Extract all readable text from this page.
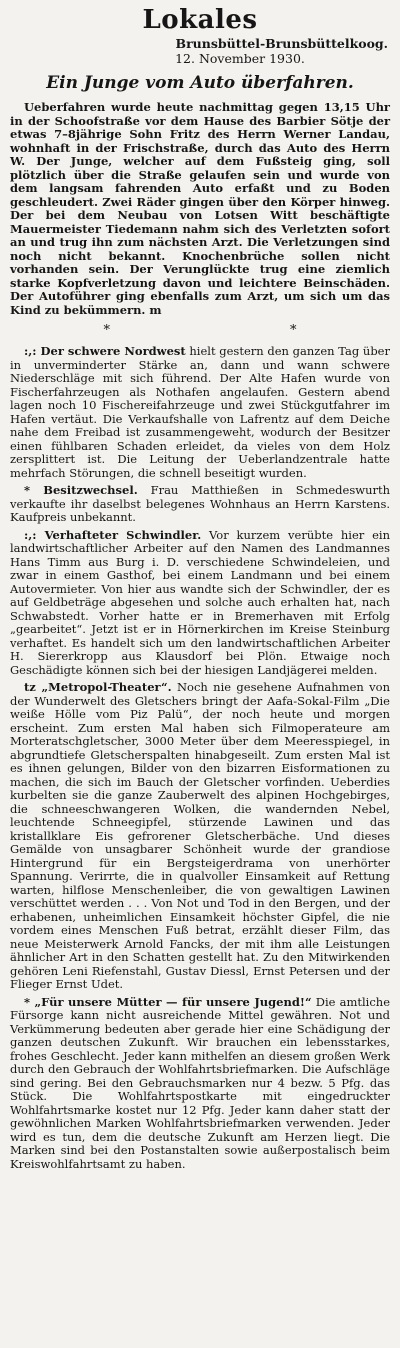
Lokales
Brunsbüttel-Brunsbüttelkoog.
12. November 1930.
Ein Junge vom Auto überfahren.

Ueberfahren wurde heute nachmittag gegen 13,15 Uhr in der Schoofstraße vor dem Hause des Barbier Sötje der etwas 7–8jährige Sohn Fritz des Herrn Werner Landau, wohnhaft in der Frischstraße, durch das Auto des Herrn W. Der Junge, welcher auf dem Fußsteig ging, soll plötzlich über die Straße gelaufen sein und wurde von dem langsam fahrenden Auto erfaßt und zu Boden geschleudert. Zwei Räder gingen über den Körper hinweg. Der bei dem Neubau von Lotsen Witt beschäftigte Mauermeister Tiedemann nahm sich des Verletzten sofort an und trug ihn zum nächsten Arzt. Die Verletzungen sind noch nicht bekannt. Knochenbrüche sollen nicht vorhanden sein. Der Verunglückte trug eine ziemlich starke Kopfverletzung davon und leichtere Beinschäden. Der Autoführer ging ebenfalls zum Arzt, um sich um das Kind zu bekümmern. m

*	*

:,: Der schwere Nordwest hielt gestern den ganzen Tag über in unverminderter Stärke an, dann und wann schwere Niederschläge mit sich führend. Der Alte Hafen wurde von Fischerfahrzeugen als Nothafen angelaufen. Gestern abend lagen noch 10 Fischereifahrzeuge und zwei Stückgutfahrer im Hafen vertäut. Die Verkaufshalle von Lafrentz auf dem Deiche nahe dem Freibad ist zusammengeweht, wodurch der Besitzer einen fühlbaren Schaden erleidet, da vieles von dem Holz zersplittert ist. Die Leitung der Ueberlandzentrale hatte mehrfach Störungen, die schnell beseitigt wurden.

* Besitzwechsel. Frau Matthießen in Schmedeswurth verkaufte ihr daselbst belegenes Wohnhaus an Herrn Karstens. Kaufpreis unbekannt.

:,: Verhafteter Schwindler. Vor kurzem verübte hier ein landwirtschaftlicher Arbeiter auf den Namen des Landmannes Hans Timm aus Burg i. D. verschiedene Schwindeleien, und zwar in einem Gasthof, bei einem Landmann und bei einem Autovermieter. Von hier aus wandte sich der Schwindler, der es auf Geldbeträge abgesehen und solche auch erhalten hat, nach Schwabstedt. Vorher hatte er in Bremerhaven mit Erfolg „gearbeitet“. Jetzt ist er in Hörnerkirchen im Kreise Steinburg verhaftet. Es handelt sich um den landwirtschaftlichen Arbeiter H. Siererkropp aus Klausdorf bei Plön. Etwaige noch Geschädigte können sich bei der hiesigen Landjägerei melden.

tz „Metropol-Theater“. Noch nie gesehene Aufnahmen von der Wunderwelt des Gletschers bringt der Aafa-Sokal-Film „Die weiße Hölle vom Piz Palü“, der noch heute und morgen erscheint. Zum ersten Mal haben sich Filmoperateure am Morteratschgletscher, 3000 Meter über dem Meeresspiegel, in abgrundtiefe Gletscherspalten hinabgeseilt. Zum ersten Mal ist es ihnen gelungen, Bilder von den bizarren Eisformationen zu machen, die sich im Bauch der Gletscher vorfinden. Ueberdies kurbelten sie die ganze Zauberwelt des alpinen Hochgebirges, die schneeschwangeren Wolken, die wandernden Nebel, leuchtende Schneegipfel, stürzende Lawinen und das kristallklare Eis gefrorener Gletscherbäche. Und dieses Gemälde von unsagbarer Schönheit wurde der grandiose Hintergrund für ein Bergsteigerdrama von unerhörter Spannung. Verirrte, die in qualvoller Einsamkeit auf Rettung warten, hilflose Menschenleiber, die von gewaltigen Lawinen verschüttet werden . . . Von Not und Tod in den Bergen, und der erhabenen, unheimlichen Einsamkeit höchster Gipfel, die nie vordem eines Menschen Fuß betrat, erzählt dieser Film, das neue Meisterwerk Arnold Fancks, der mit ihm alle Leistungen ähnlicher Art in den Schatten gestellt hat. Zu den Mitwirkenden gehören Leni Riefenstahl, Gustav Diessl, Ernst Petersen und der Flieger Ernst Udet.

* „Für unsere Mütter — für unsere Jugend!“ Die amtliche Fürsorge kann nicht ausreichende Mittel gewähren. Not und Verkümmerung bedeuten aber gerade hier eine Schädigung der ganzen deutschen Zukunft. Wir brauchen ein lebensstarkes, frohes Geschlecht. Jeder kann mithelfen an diesem großen Werk durch den Gebrauch der Wohlfahrtsbriefmarken. Die Aufschläge sind gering. Bei den Gebrauchsmarken nur 4 bezw. 5 Pfg. das Stück. Die Wohlfahrtspostkarte mit eingedruckter Wohlfahrtsmarke kostet nur 12 Pfg. Jeder kann daher statt der gewöhnlichen Marken Wohlfahrtsbriefmarken verwenden. Jeder wird es tun, dem die deutsche Zukunft am Herzen liegt. Die Marken sind bei den Postanstalten sowie außerpostalisch beim Kreiswohlfahrtsamt zu haben.
